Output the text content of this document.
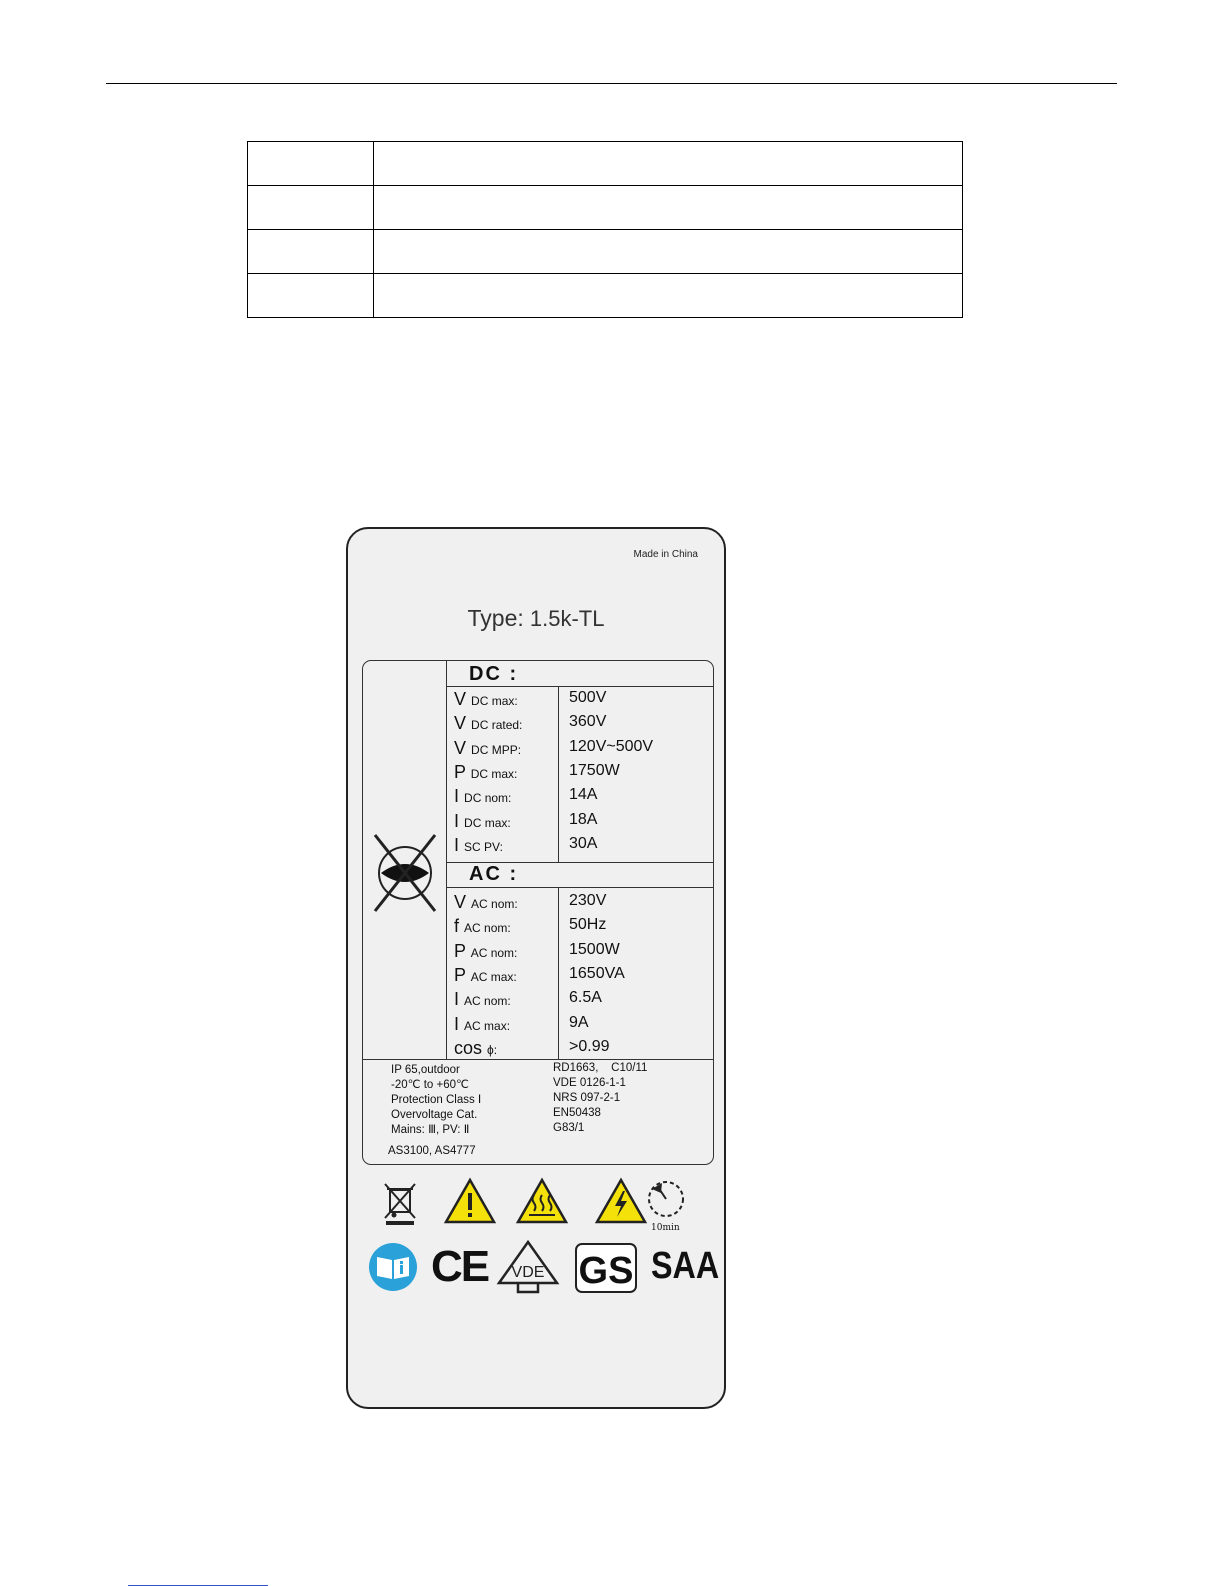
Made in China
Type: 1.5k-TL
DC :
AC :
V DC max:	500V
V DC rated:	360V
V DC MPP:	120V~500V
P DC max:	1750W
I DC nom:	14A
I DC max:	18A
I SC PV:	30A
V AC nom:	230V
f AC nom:	50Hz
P AC nom:	1500W
P AC max:	1650VA
I AC nom:	6.5A
I AC max:	9A
cos ϕ:	>0.99
IP 65,outdoor
-20℃ to +60℃
Protection Class Ⅰ
Overvoltage Cat.
Mains: Ⅲ, PV: Ⅱ
RD1663,    C10/11
VDE 0126-1-1
NRS 097-2-1
EN50438
G83/1
AS3100, AS4777
10min
CE VDE GS SAA
